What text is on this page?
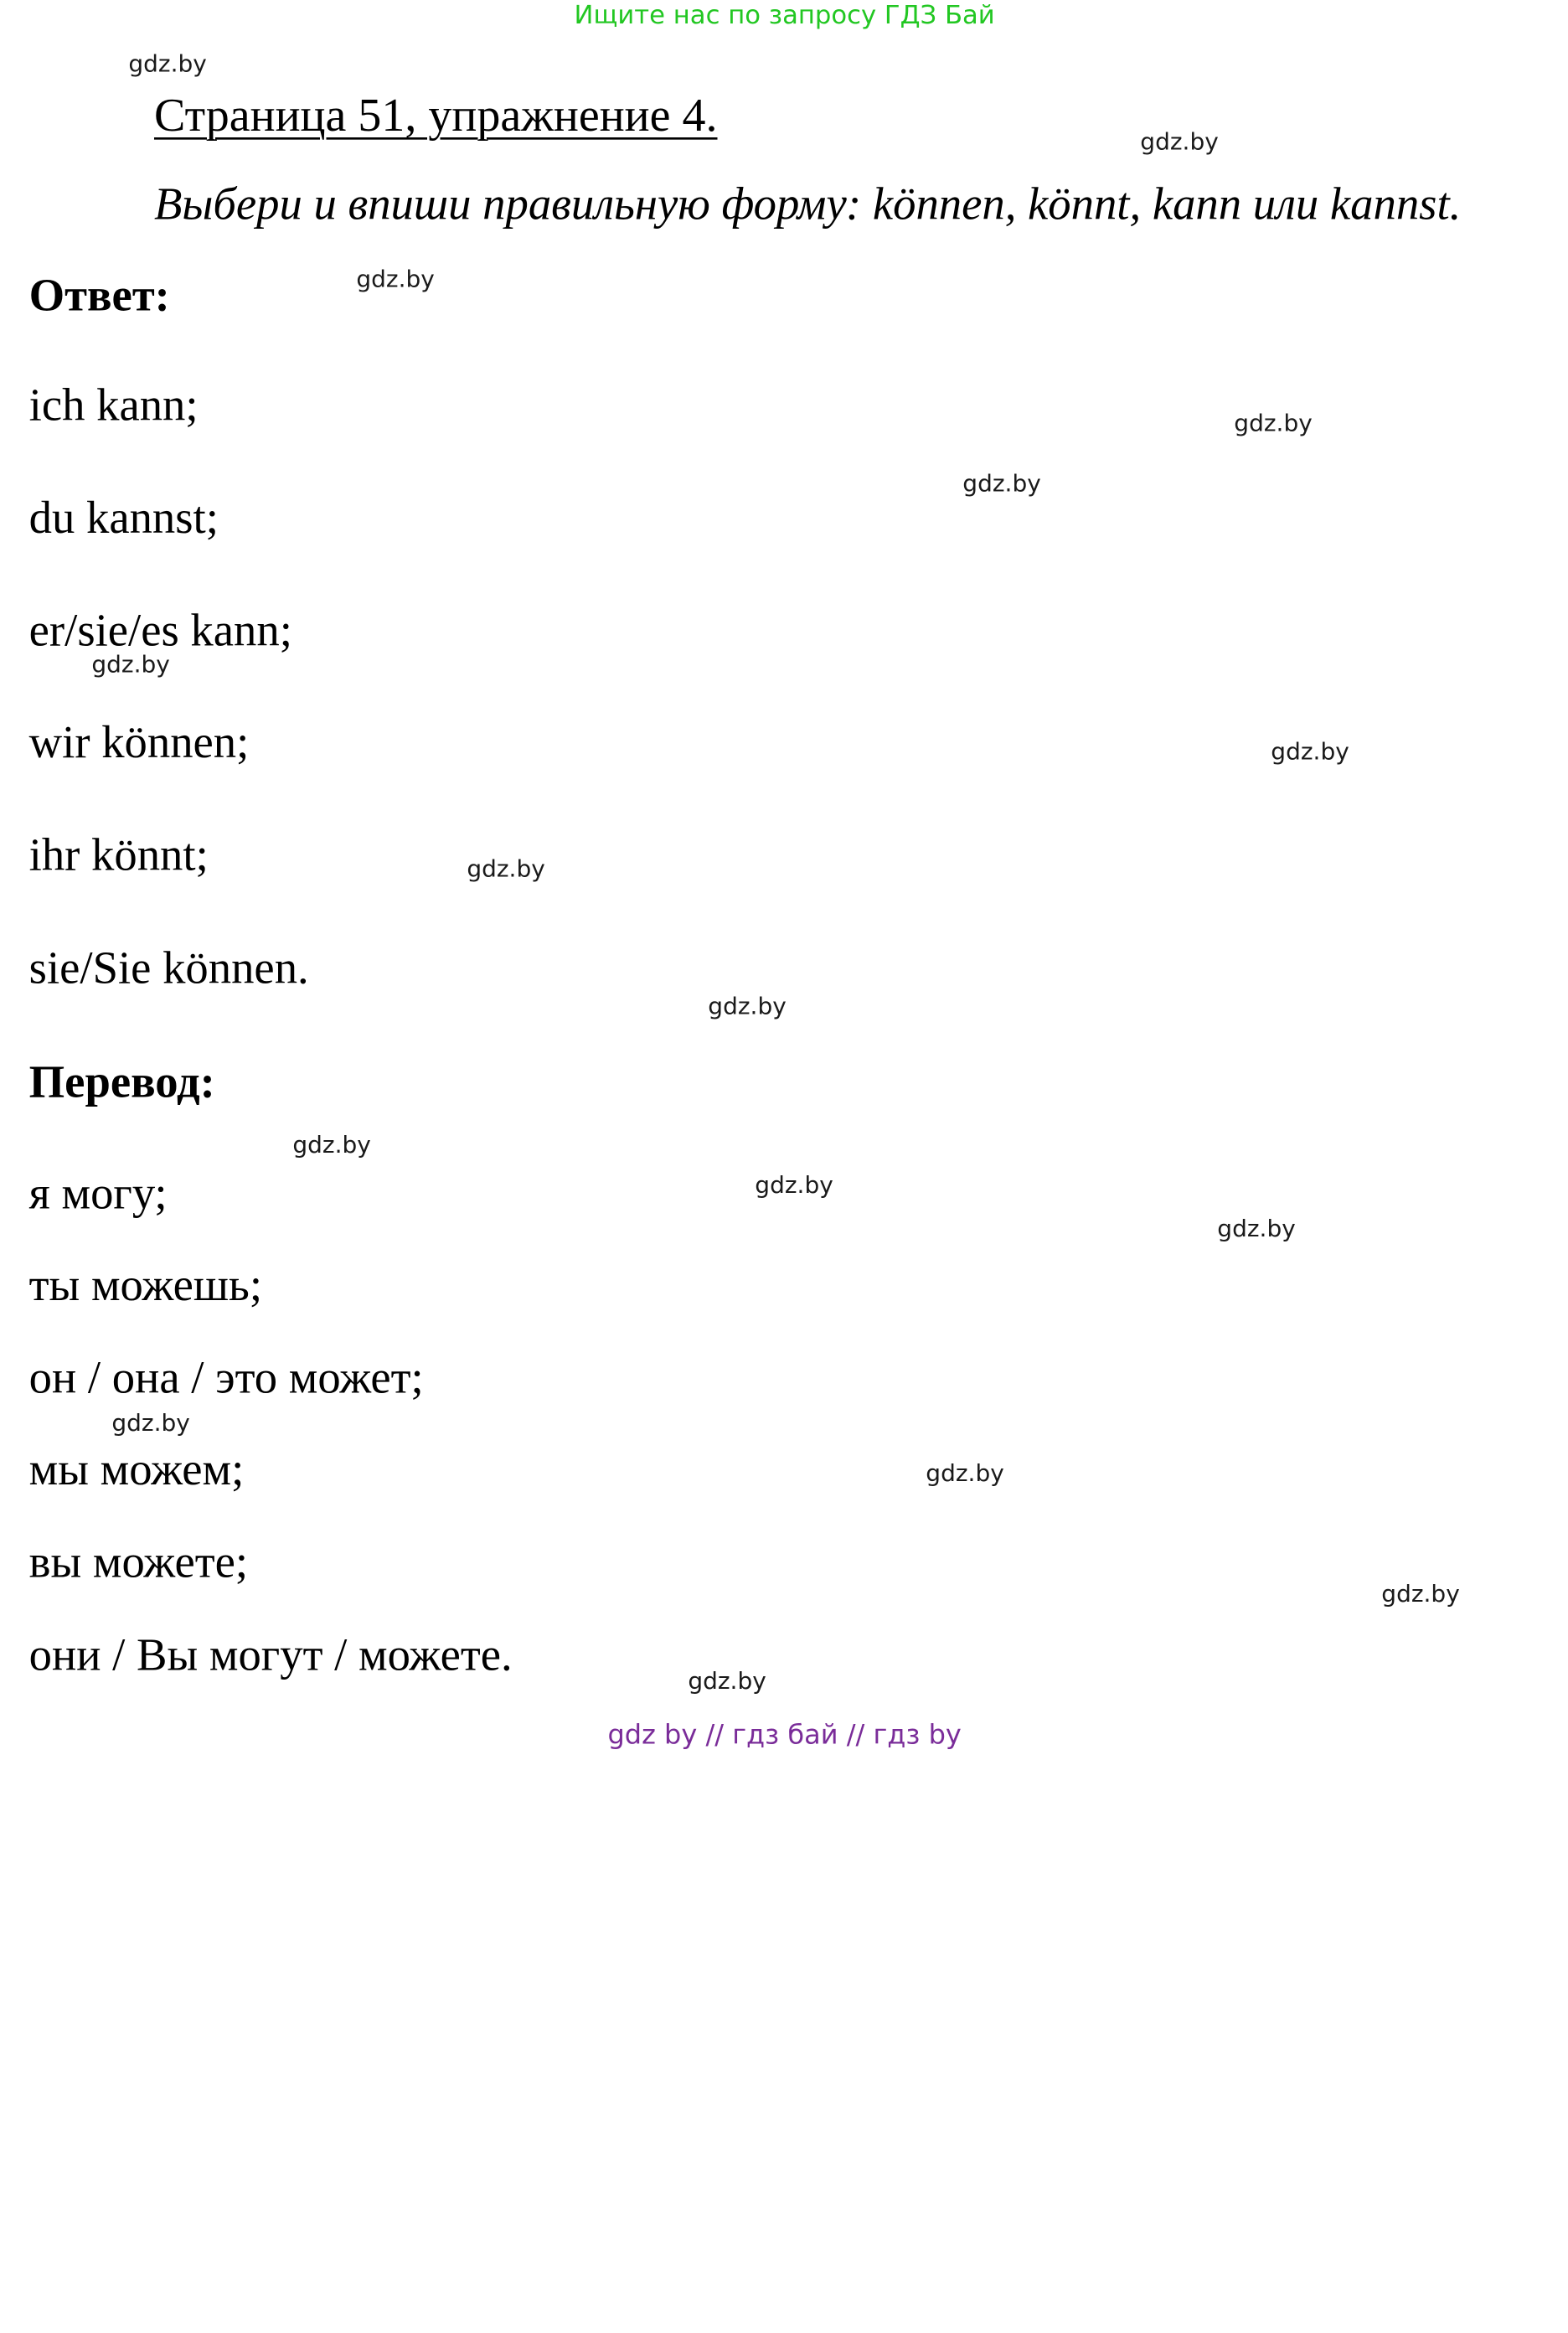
Ищите нас по запросу ГДЗ Бай
Страница 51, упражнение 4.
Выбери и впиши правильную форму: können, könnt, kann или kannst.
Ответ:
ich kann;
du kannst;
er/sie/es kann;
wir können;
ihr könnt;
sie/Sie können.
Перевод:
я могу;
ты можешь;
он / она / это может;
мы можем;
вы можете;
они / Вы могут / можете.
gdz.by
gdz.by
gdz.by
gdz.by
gdz.by
gdz.by
gdz.by
gdz.by
gdz.by
gdz.by
gdz.by
gdz.by
gdz.by
gdz.by
gdz.by
gdz.by
gdz by // гдз бай // гдз by
